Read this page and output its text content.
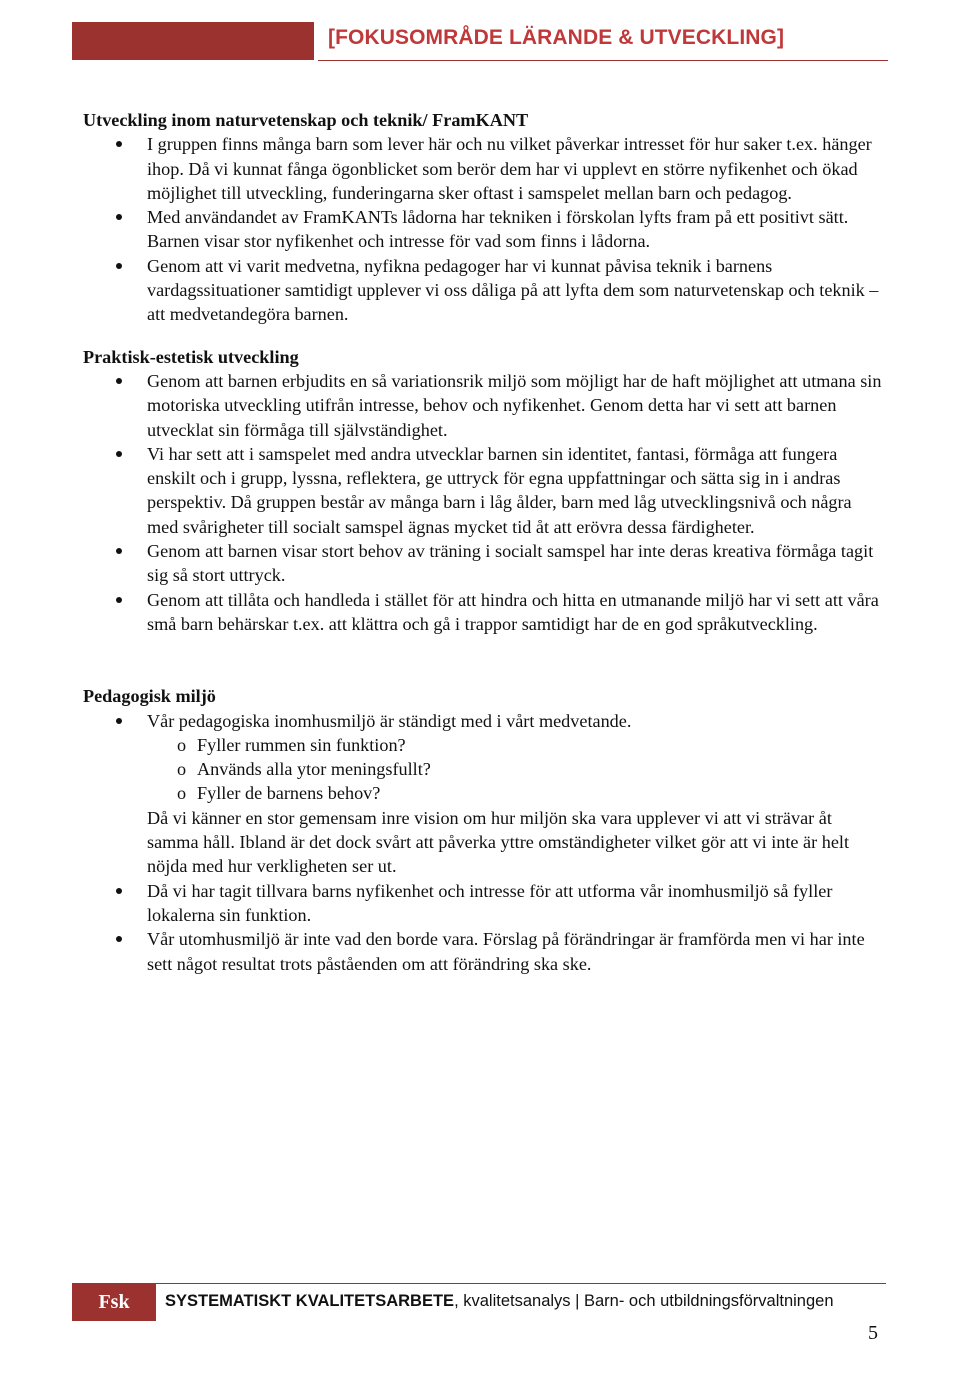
[FOKUSOMRÅDE LÄRANDE & UTVECKLING]
Utveckling inom naturvetenskap och teknik/ FramKANT
I gruppen finns många barn som lever här och nu vilket påverkar intresset för hur saker t.ex. hänger ihop. Då vi kunnat fånga ögonblicket som berör dem har vi upplevt en större nyfikenhet och ökad möjlighet till utveckling, funderingarna sker oftast i samspelet mellan barn och pedagog.
Med användandet av FramKANTs lådorna har tekniken i förskolan lyfts fram på ett positivt sätt. Barnen visar stor nyfikenhet och intresse för vad som finns i lådorna.
Genom att vi varit medvetna, nyfikna pedagoger har vi kunnat påvisa teknik i barnens vardagssituationer samtidigt upplever vi oss dåliga på att lyfta dem som naturvetenskap och teknik – att medvetandegöra barnen.
Praktisk-estetisk utveckling
Genom att barnen erbjudits en så variationsrik miljö som möjligt har de haft möjlighet att utmana sin motoriska utveckling utifrån intresse, behov och nyfikenhet. Genom detta har vi sett att barnen utvecklat sin förmåga till självständighet.
Vi har sett att i samspelet med andra utvecklar barnen sin identitet, fantasi, förmåga att fungera enskilt och i grupp, lyssna, reflektera, ge uttryck för egna uppfattningar och sätta sig in i andras perspektiv. Då gruppen består av många barn i låg ålder, barn med låg utvecklingsnivå och några med svårigheter till socialt samspel ägnas mycket tid åt att erövra dessa färdigheter.
Genom att barnen visar stort behov av träning i socialt samspel har inte deras kreativa förmåga tagit sig så stort uttryck.
Genom att tillåta och handleda i stället för att hindra och hitta en utmanande miljö har vi sett att våra små barn behärskar t.ex. att klättra och gå i trappor samtidigt har de en god språkutveckling.
Pedagogisk miljö

Vår pedagogiska inomhusmiljö är ständigt med i vårt medvetande.

o Fyller rummen sin funktion?
o Används alla ytor meningsfullt?
o Fyller de barnens behov?

Då vi känner en stor gemensam inre vision om hur miljön ska vara upplever vi att vi strävar åt samma håll. Ibland är det dock svårt att påverka yttre omständigheter vilket gör att vi inte är helt nöjda med hur verkligheten ser ut.

Då vi har tagit tillvara barns nyfikenhet och intresse för att utforma vår inomhusmiljö så fyller lokalerna sin funktion.
Vår utomhusmiljö är inte vad den borde vara. Förslag på förändringar är framförda men vi har inte sett något resultat trots påståenden om att förändring ska ske.
Fsk	SYSTEMATISKT KVALITETSARBETE, kvalitetsanalys | Barn- och utbildningsförvaltningen
5
